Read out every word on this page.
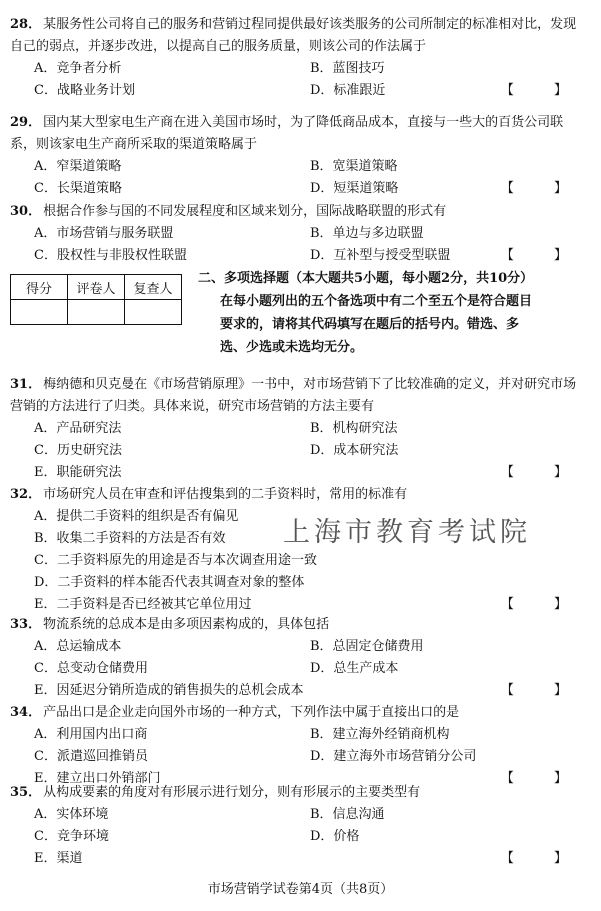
28． 某服务性公司将自己的服务和营销过程同提供最好该类服务的公司所制定的标准相对比，发现自己的弱点，并逐步改进，以提高自己的服务质量，则该公司的作法属于

A．竞争者分析	B．蓝图技巧
C．战略业务计划	D．标准跟近	【 】

29． 国内某大型家电生产商在进入美国市场时，为了降低商品成本，直接与一些大的百货公司联系，则该家电生产商所采取的渠道策略属于

A．窄渠道策略	B．宽渠道策略
C．长渠道策略	D．短渠道策略	【 】

30． 根据合作参与国的不同发展程度和区域来划分，国际战略联盟的形式有

A．市场营销与服务联盟	B．单边与多边联盟
C．股权性与非股权性联盟	D．互补型与授受型联盟	【 】
得分	评卷人	复查人

二、多项选择题（本大题共5小题，每小题2分，共10分）
在每小题列出的五个备选项中有二个至五个是符合题目
要求的，请将其代码填写在题后的括号内。错选、多
选、少选或未选均无分。

31． 梅纳德和贝克曼在《市场营销原理》一书中，对市场营销下了比较准确的定义，并对研究市场营销的方法进行了归类。具体来说，研究市场营销的方法主要有

A．产品研究法	B．机构研究法
C．历史研究法	D．成本研究法
E．职能研究法	【 】

32． 市场研究人员在审查和评估搜集到的二手资料时，常用的标准有

A．提供二手资料的组织是否有偏见
B．收集二手资料的方法是否有效
C．二手资料原先的用途是否与本次调查用途一致
D．二手资料的样本能否代表其调查对象的整体
E．二手资料是否已经被其它单位用过	【 】
上海市教育考试院

33． 物流系统的总成本是由多项因素构成的，具体包括

A．总运输成本	B．总固定仓储费用
C．总变动仓储费用	D．总生产成本
E．因延迟分销所造成的销售损失的总机会成本	【 】

34． 产品出口是企业走向国外市场的一种方式，下列作法中属于直接出口的是

A．利用国内出口商	B．建立海外经销商机构
C．派遣巡回推销员	D．建立海外市场营销分公司
E．建立出口外销部门	【 】

35． 从构成要素的角度对有形展示进行划分，则有形展示的主要类型有

A．实体环境	B．信息沟通
C．竞争环境	D．价格
E．渠道	【 】
市场营销学试卷第4页（共8页）
